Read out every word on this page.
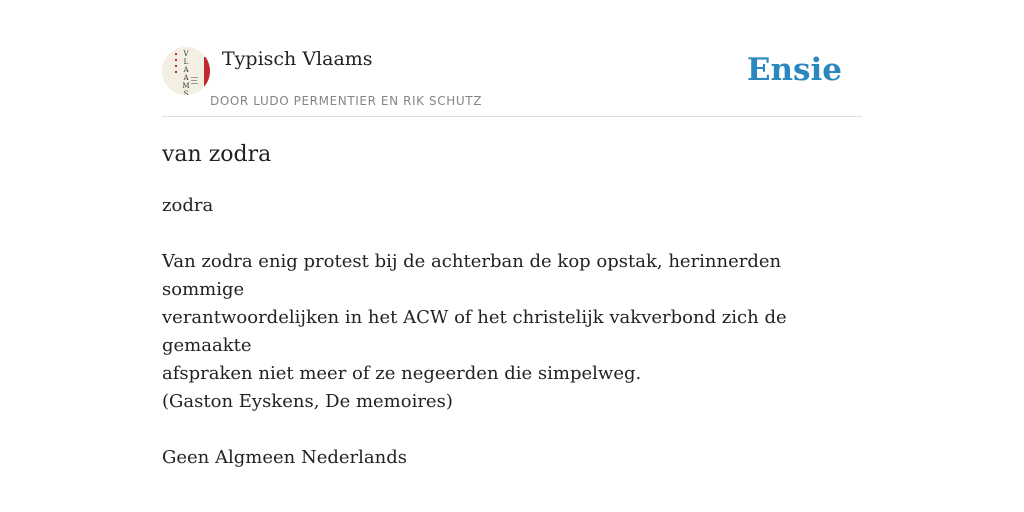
V
L
A
A
M
S
Typisch Vlaams
DOOR LUDO PERMENTIER EN RIK SCHUTZ
Ensie
van zodra

zodra

Van zodra enig protest bij de achterban de kop opstak, herinnerden sommige

verantwoordelijken in het ACW of het christelijk vakverbond zich de gemaakte

afspraken niet meer of ze negeerden die simpelweg.

(Gaston Eyskens, De memoires)

Geen Algmeen Nederlands
